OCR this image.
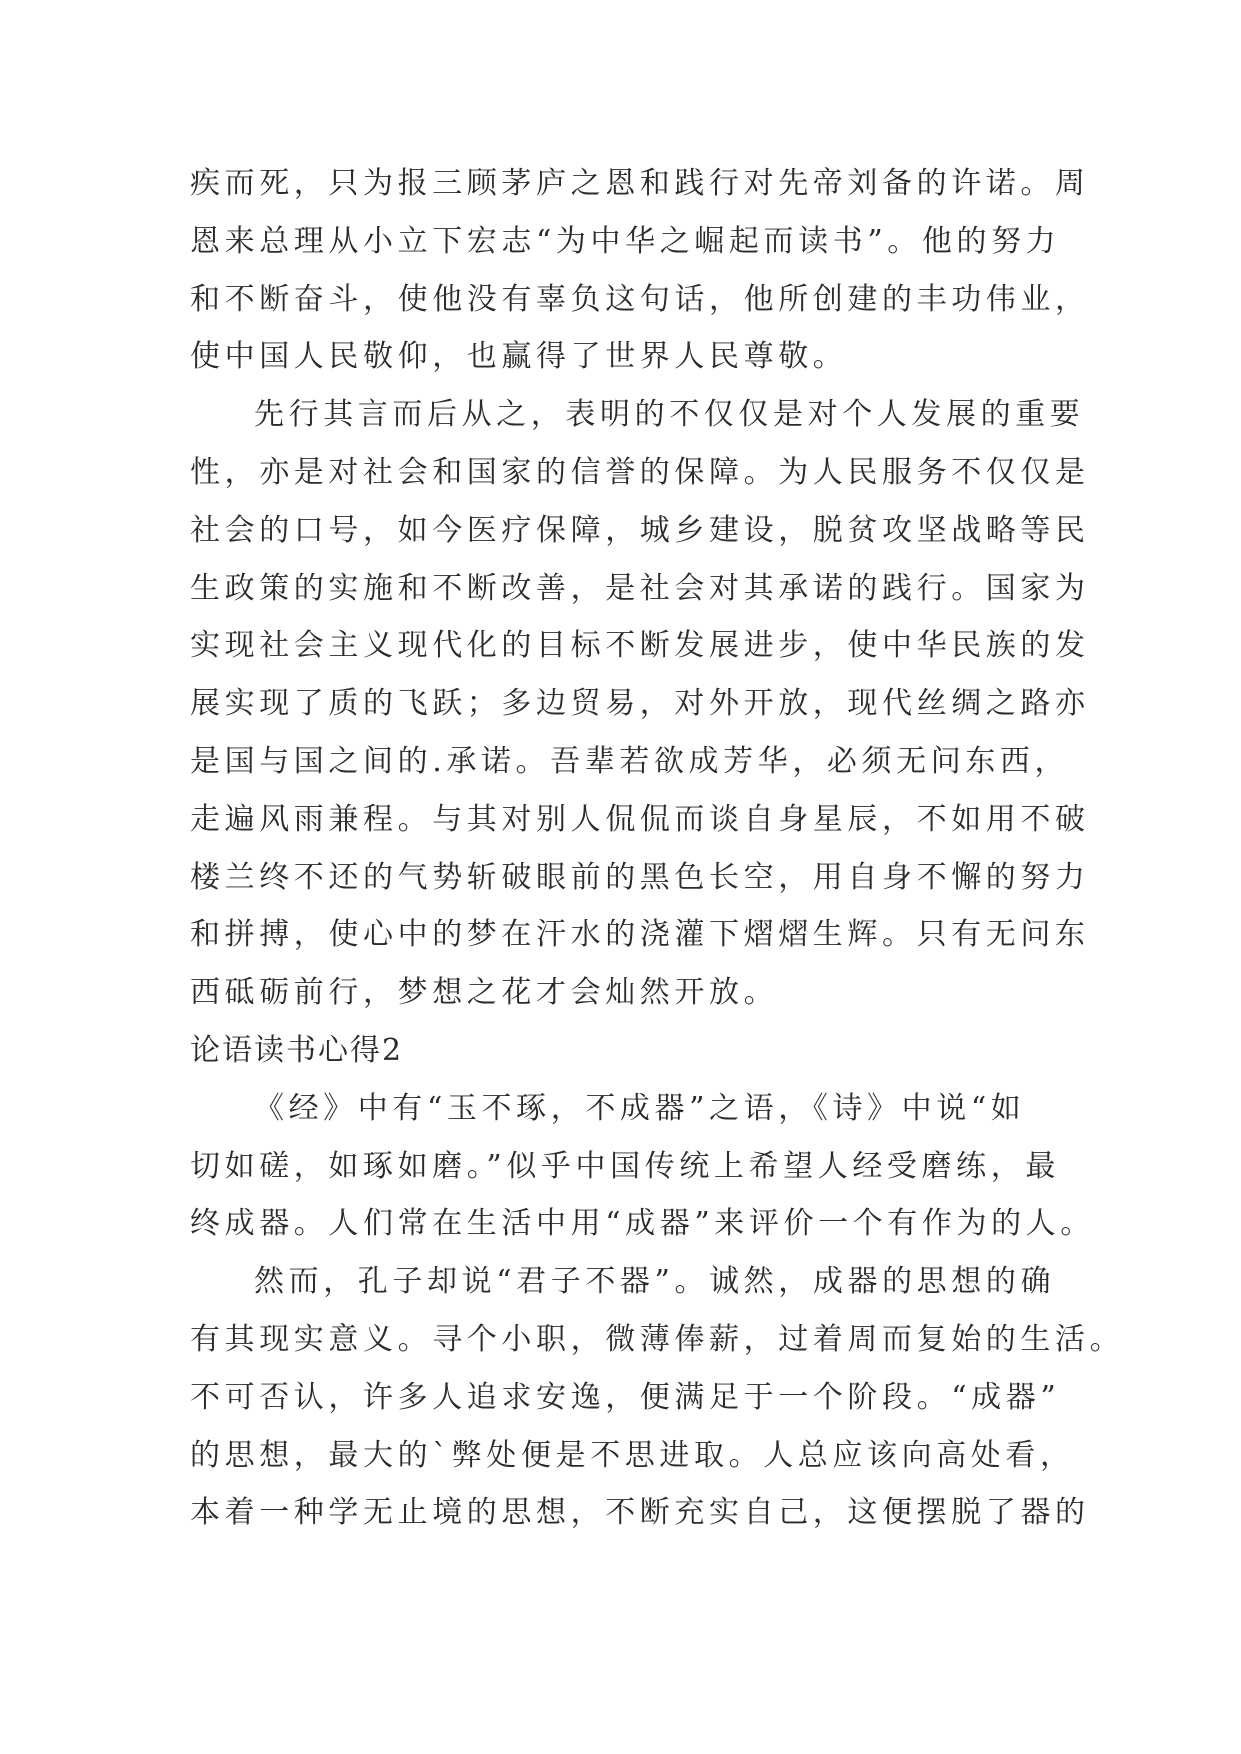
疾而死，只为报三顾茅庐之恩和践行对先帝刘备的许诺。周
恩来总理从小立下宏志“为中华之崛起而读书”。他的努力
和不断奋斗，使他没有辜负这句话，他所创建的丰功伟业，
使中国人民敬仰，也赢得了世界人民尊敬。
先行其言而后从之，表明的不仅仅是对个人发展的重要
性，亦是对社会和国家的信誉的保障。为人民服务不仅仅是
社会的口号，如今医疗保障，城乡建设，脱贫攻坚战略等民
生政策的实施和不断改善，是社会对其承诺的践行。国家为
实现社会主义现代化的目标不断发展进步，使中华民族的发
展实现了质的飞跃；多边贸易，对外开放，现代丝绸之路亦
是国与国之间的.承诺。吾辈若欲成芳华，必须无问东西，
走遍风雨兼程。与其对别人侃侃而谈自身星辰，不如用不破
楼兰终不还的气势斩破眼前的黑色长空，用自身不懈的努力
和拼搏，使心中的梦在汗水的浇灌下熠熠生辉。只有无问东
西砥砺前行，梦想之花才会灿然开放。
论语读书心得2
《经》中有“玉不琢，不成器”之语，《诗》中说“如
切如磋，如琢如磨。”似乎中国传统上希望人经受磨练，最
终成器。人们常在生活中用“成器”来评价一个有作为的人。
然而，孔子却说“君子不器”。诚然，成器的思想的确
有其现实意义。寻个小职，微薄俸薪，过着周而复始的生活。
不可否认，许多人追求安逸，便满足于一个阶段。“成器”
的思想，最大的`弊处便是不思进取。人总应该向高处看，
本着一种学无止境的思想，不断充实自己，这便摆脱了器的
